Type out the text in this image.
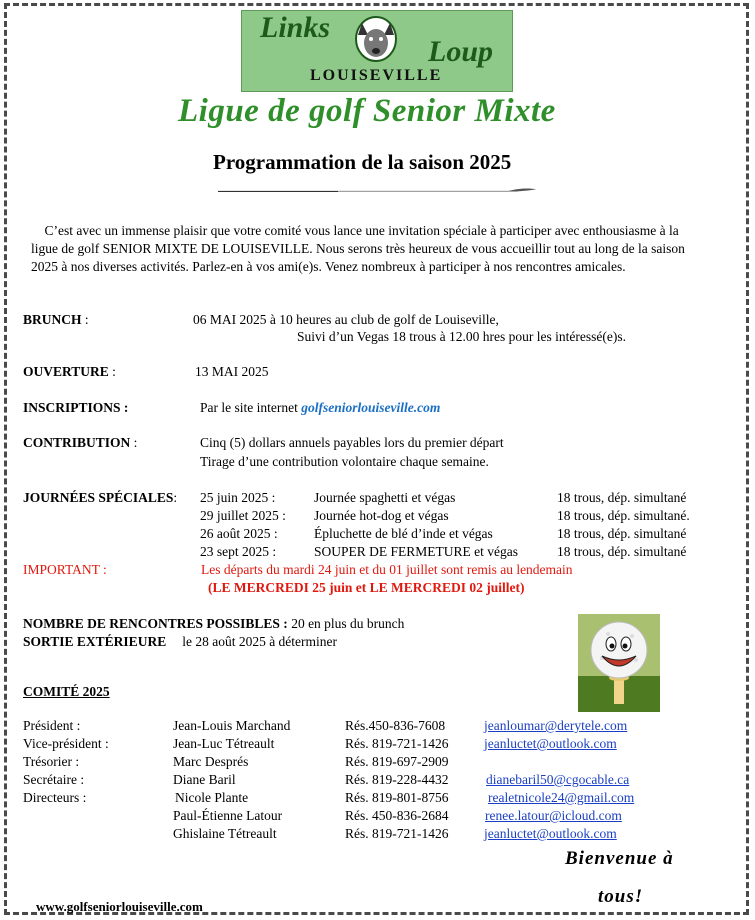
Links
Loup
LOUISEVILLE
Ligue de golf Senior Mixte
Programmation de la saison 2025
C’est avec un immense plaisir que votre comité vous lance une invitation spéciale à participer avec enthousiasme à la ligue de golf SENIOR MIXTE DE LOUISEVILLE. Nous serons très heureux de vous accueillir tout au long de la saison 2025 à nos diverses activités. Parlez-en à vos ami(e)s. Venez nombreux à participer à nos rencontres amicales.
BRUNCH :	06 MAI 2025 à 10 heures au club de golf de Louiseville,
Suivi d’un Vegas 18 trous à 12.00 hres pour les intéressé(e)s.
OUVERTURE :	13 MAI 2025
INSCRIPTIONS :	Par le site internet golfseniorlouiseville.com
CONTRIBUTION :	Cinq (5) dollars annuels payables lors du premier départ
Tirage d’une contribution volontaire chaque semaine.
JOURNÉES SPÉCIALES: 25 juin 2025 :	Journée spaghetti et végas	18 trous, dép. simultané
29 juillet 2025 : Journée hot-dog et végas	18 trous, dép. simultané.
26 août 2025 :	Épluchette de blé d’inde et végas	18 trous, dép. simultané
23 sept 2025 :	SOUPER DE FERMETURE et végas	18 trous, dép. simultané
IMPORTANT :	Les départs du mardi 24 juin et du 01 juillet sont remis au lendemain
(LE MERCREDI 25 juin et LE MERCREDI 02 juillet)
NOMBRE DE RENCONTRES POSSIBLES : 20 en plus du brunch
SORTIE EXTÉRIEURE le 28 août 2025 à déterminer
COMITÉ 2025
Président :	Jean-Louis Marchand	Rés.450-836-7608	jeanloumar@derytele.com
Vice-président :	Jean-Luc Tétreault	Rés. 819-721-1426	jeanluctet@outlook.com
Trésorier :	Marc Després	Rés. 819-697-2909
Secrétaire :	Diane Baril	Rés. 819-228-4432	dianebaril50@cgocable.ca
Directeurs :	Nicole Plante	Rés. 819-801-8756	realetnicole24@gmail.com
Paul-Étienne Latour	Rés. 450-836-2684	renee.latour@icloud.com
Ghislaine Tétreault	Rés. 819-721-1426	jeanluctet@outlook.com
Bienvenue à
tous!
www.golfseniorlouiseville.com
